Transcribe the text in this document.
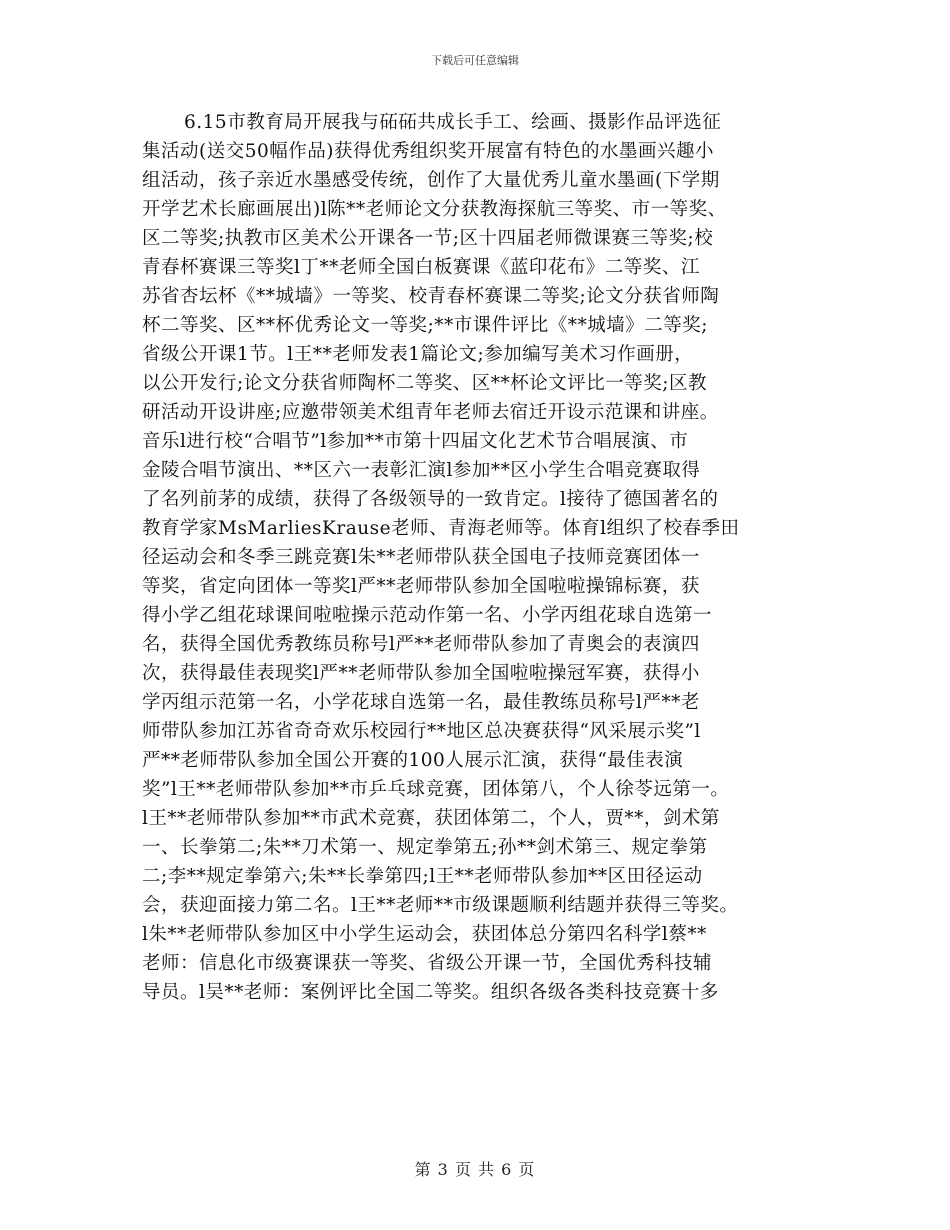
下载后可任意编辑
6.15市教育局开展我与砳砳共成长手工、绘画、摄影作品评选征
集活动(送交50幅作品)获得优秀组织奖开展富有特色的水墨画兴趣小
组活动，孩子亲近水墨感受传统，创作了大量优秀儿童水墨画(下学期
开学艺术长廊画展出)l陈**老师论文分获教海探航三等奖、市一等奖、
区二等奖;执教市区美术公开课各一节;区十四届老师微课赛三等奖;校
青春杯赛课三等奖l丁**老师全国白板赛课《蓝印花布》二等奖、江
苏省杏坛杯《**城墙》一等奖、校青春杯赛课二等奖;论文分获省师陶
杯二等奖、区**杯优秀论文一等奖;**市课件评比《**城墙》二等奖;
省级公开课1节。l王**老师发表1篇论文;参加编写美术习作画册，
以公开发行;论文分获省师陶杯二等奖、区**杯论文评比一等奖;区教
研活动开设讲座;应邀带领美术组青年老师去宿迁开设示范课和讲座。
音乐l进行校“合唱节”l参加**市第十四届文化艺术节合唱展演、市
金陵合唱节演出、**区六一表彰汇演l参加**区小学生合唱竞赛取得
了名列前茅的成绩，获得了各级领导的一致肯定。l接待了德国著名的
教育学家MsMarliesKrause老师、青海老师等。体育l组织了校春季田
径运动会和冬季三跳竞赛l朱**老师带队获全国电子技师竞赛团体一
等奖，省定向团体一等奖l严**老师带队参加全国啦啦操锦标赛，获
得小学乙组花球课间啦啦操示范动作第一名、小学丙组花球自选第一
名，获得全国优秀教练员称号l严**老师带队参加了青奥会的表演四
次，获得最佳表现奖l严**老师带队参加全国啦啦操冠军赛，获得小
学丙组示范第一名，小学花球自选第一名，最佳教练员称号l严**老
师带队参加江苏省奇奇欢乐校园行**地区总决赛获得“风采展示奖”l
严**老师带队参加全国公开赛的100人展示汇演，获得“最佳表演
奖”l王**老师带队参加**市乒乓球竞赛，团体第八，个人徐苓远第一。
l王**老师带队参加**市武术竞赛，获团体第二，个人，贾**，剑术第
一、长拳第二;朱**刀术第一、规定拳第五;孙**剑术第三、规定拳第
二;李**规定拳第六;朱**长拳第四;l王**老师带队参加**区田径运动
会，获迎面接力第二名。l王**老师**市级课题顺利结题并获得三等奖。
l朱**老师带队参加区中小学生运动会，获团体总分第四名科学l蔡**
老师：信息化市级赛课获一等奖、省级公开课一节，全国优秀科技辅
导员。l吴**老师：案例评比全国二等奖。组织各级各类科技竞赛十多
第 3 页 共 6 页
